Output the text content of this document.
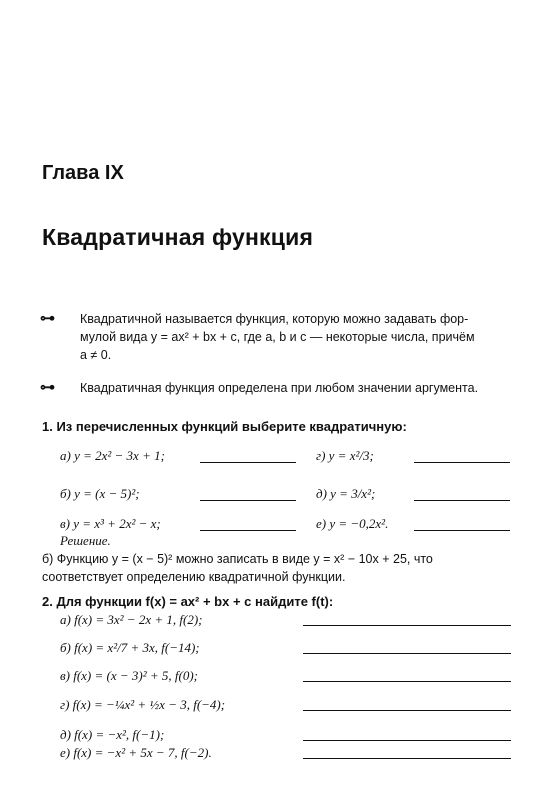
Глава IX
Квадратичная функция
⊶ Квадратичной называется функция, которую можно задавать фор-
мулой вида y = ax² + bx + c, где a, b и c — некоторые числа, причём
a ≠ 0.
⊶ Квадратичная функция определена при любом значении аргумента.
1. Из перечисленных функций выберите квадратичную:
а) y = 2x² − 3x + 1;	г) y = x²/3;
б) y = (x − 5)²;	д) y = 3/x²;
в) y = x³ + 2x² − x;	е) y = −0,2x².
Решение.
б) Функцию y = (x − 5)² можно записать в виде y = x² − 10x + 25, что
соответствует определению квадратичной функции.
2. Для функции f(x) = ax² + bx + c найдите f(t):
а) f(x) = 3x² − 2x + 1, f(2);
б) f(x) = x²/7 + 3x, f(−14);
в) f(x) = (x − 3)² + 5, f(0);
г) f(x) = −¼x² + ½x − 3, f(−4);
д) f(x) = −x², f(−1);
е) f(x) = −x² + 5x − 7, f(−2).
